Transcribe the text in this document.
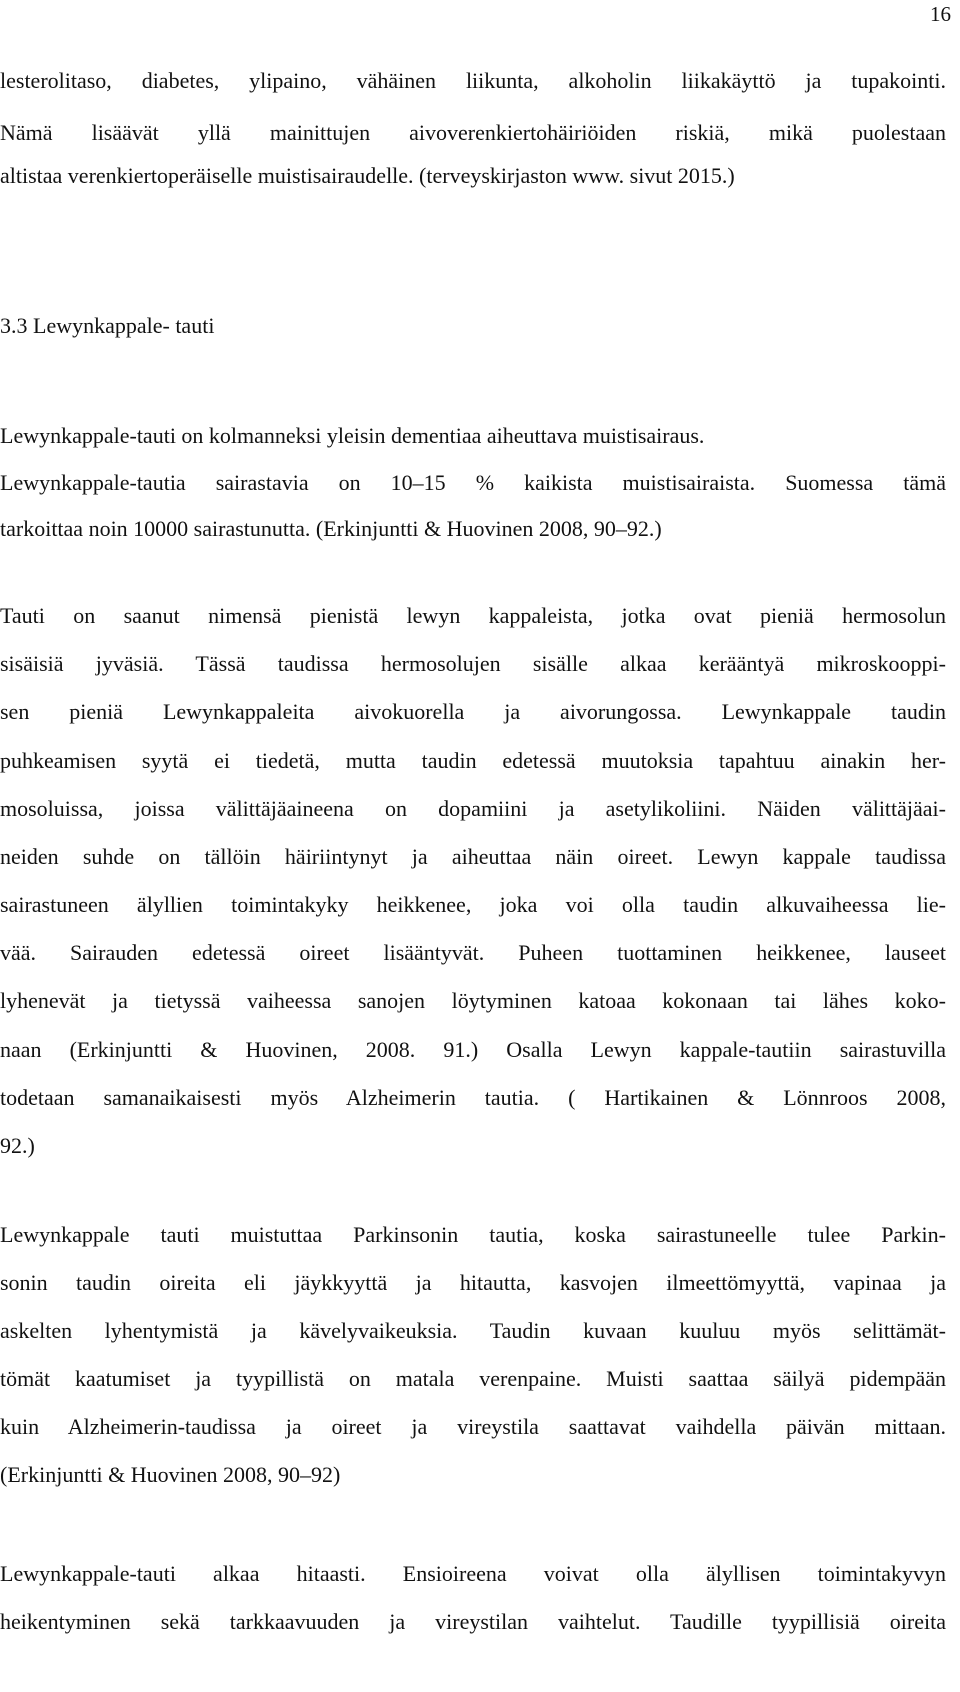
16
lesterolitaso, diabetes, ylipaino, vähäinen liikunta, alkoholin liikakäyttö ja tupakointi.
Nämä lisäävät yllä mainittujen aivoverenkiertohäiriöiden riskiä, mikä puolestaan
altistaa verenkiertoperäiselle muistisairaudelle. (terveyskirjaston www. sivut 2015.)
3.3 Lewynkappale- tauti
Lewynkappale-tauti on kolmanneksi yleisin dementiaa aiheuttava muistisairaus.
Lewynkappale-tautia sairastavia on 10–15 % kaikista muistisairaista. Suomessa tämä
tarkoittaa noin 10000 sairastunutta. (Erkinjuntti & Huovinen 2008, 90–92.)
Tauti on saanut nimensä pienistä lewyn kappaleista, jotka ovat pieniä hermosolun
sisäisiä jyväsiä. Tässä taudissa hermosolujen sisälle alkaa kerääntyä mikroskooppi-
sen pieniä Lewynkappaleita aivokuorella ja aivorungossa. Lewynkappale taudin
puhkeamisen syytä ei tiedetä, mutta taudin edetessä muutoksia tapahtuu ainakin her-
mosoluissa, joissa välittäjäaineena on dopamiini ja asetylikoliini. Näiden välittäjäai-
neiden suhde on tällöin häiriintynyt ja aiheuttaa näin oireet. Lewyn kappale taudissa
sairastuneen älyllien toimintakyky heikkenee, joka voi olla taudin alkuvaiheessa lie-
vää. Sairauden edetessä oireet lisääntyvät. Puheen tuottaminen heikkenee, lauseet
lyhenevät ja tietyssä vaiheessa sanojen löytyminen katoaa kokonaan tai lähes koko-
naan (Erkinjuntti & Huovinen, 2008. 91.) Osalla Lewyn kappale-tautiin sairastuvilla
todetaan samanaikaisesti myös Alzheimerin tautia. ( Hartikainen & Lönnroos 2008,
92.)
Lewynkappale tauti muistuttaa Parkinsonin tautia, koska sairastuneelle tulee Parkin-
sonin taudin oireita eli jäykkyyttä ja hitautta, kasvojen ilmeettömyyttä, vapinaa ja
askelten lyhentymistä ja kävelyvaikeuksia. Taudin kuvaan kuuluu myös selittämät-
tömät kaatumiset ja tyypillistä on matala verenpaine. Muisti saattaa säilyä pidempään
kuin Alzheimerin-taudissa ja oireet ja vireystila saattavat vaihdella päivän mittaan.
(Erkinjuntti & Huovinen 2008, 90–92)
Lewynkappale-tauti alkaa hitaasti. Ensioireena voivat olla älyllisen toimintakyvyn
heikentyminen sekä tarkkaavuuden ja vireystilan vaihtelut. Taudille tyypillisiä oireita
